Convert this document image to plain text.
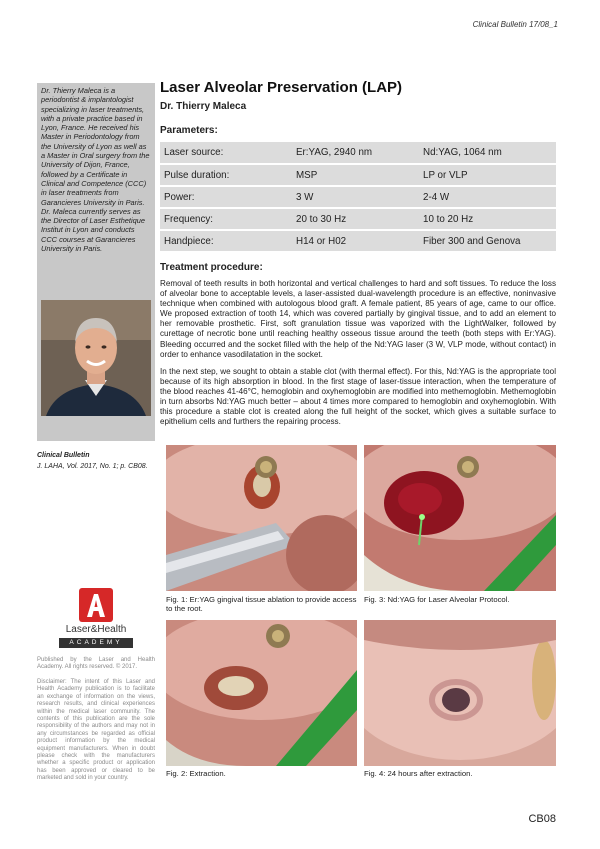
Clinical Bulletin 17/08_1
Dr. Thierry Maleca is a periodontist & implantologist specializing in laser treatments, with a private practice based in Lyon, France. He received his Master in Periodontology from the University of Lyon as well as a Master in Oral surgery from the University of Dijon, France, followed by a Certificate in Clinical and Competence (CCC) in laser treatments from Garancieres University in Paris. Dr. Maleca currently serves as the Director of Laser Esthetique Institut in Lyon and conducts CCC courses at Garancieres University in Paris.
Clinical Bulletin
J. LAHA, Vol. 2017, No. 1; p. CB08.
Laser&Health
ACADEMY
Published by the Laser and Health Academy. All rights reserved. © 2017.
Disclaimer: The intent of this Laser and Health Academy publication is to facilitate an exchange of information on the views, research results, and clinical experiences within the medical laser community. The contents of this publication are the sole responsibility of the authors and may not in any circumstances be regarded as official product information by the medical equipment manufacturers. When in doubt please check with the manufacturers whether a specific product or application has been approved or cleared to be marketed and sold in your country.
Laser Alveolar Preservation (LAP)
Dr. Thierry Maleca
Parameters:
Laser source:	Er:YAG, 2940 nm	Nd:YAG, 1064 nm
Pulse duration:	MSP	LP or VLP
Power:	3 W	2-4 W
Frequency:	20 to 30 Hz	10 to 20 Hz
Handpiece:	H14 or H02	Fiber 300 and Genova
Treatment procedure:
Removal of teeth results in both horizontal and vertical challenges to hard and soft tissues. To reduce the loss of alveolar bone to acceptable levels, a laser-assisted dual-wavelength procedure is an effective, noninvasive technique when combined with autologous blood graft. A female patient, 85 years of age, came to our office. We proposed extraction of tooth 14, which was covered partially by gingival tissue, and to add an element to her removable prosthetic. First, soft granulation tissue was vaporized with the LightWalker, followed by curettage of necrotic bone until reaching healthy osseous tissue around the teeth (both steps with Er:YAG). Bleeding occurred and the socket filled with the help of the Nd:YAG laser (3 W, VLP mode, without contact) in order to enhance vasodilatation in the socket.
In the next step, we sought to obtain a stable clot (with thermal effect). For this, Nd:YAG is the appropriate tool because of its high absorption in blood. In the first stage of laser-tissue interaction, when the temperature of the blood reaches 41-46°C, hemoglobin and oxyhemoglobin are modified into methemoglobin. Methemoglobin in turn absorbs Nd:YAG much better – about 4 times more compared to hemoglobin and oxyhemoglobin. With this procedure a stable clot is created along the full height of the socket, which gives a suitable surface to epithelium cells and furthers the repairing process.
Fig. 1: Er:YAG gingival tissue ablation to provide access to the root.
Fig. 3: Nd:YAG for Laser Alveolar Protocol.
Fig. 2: Extraction.	Fig. 4: 24 hours after extraction.
CB08
